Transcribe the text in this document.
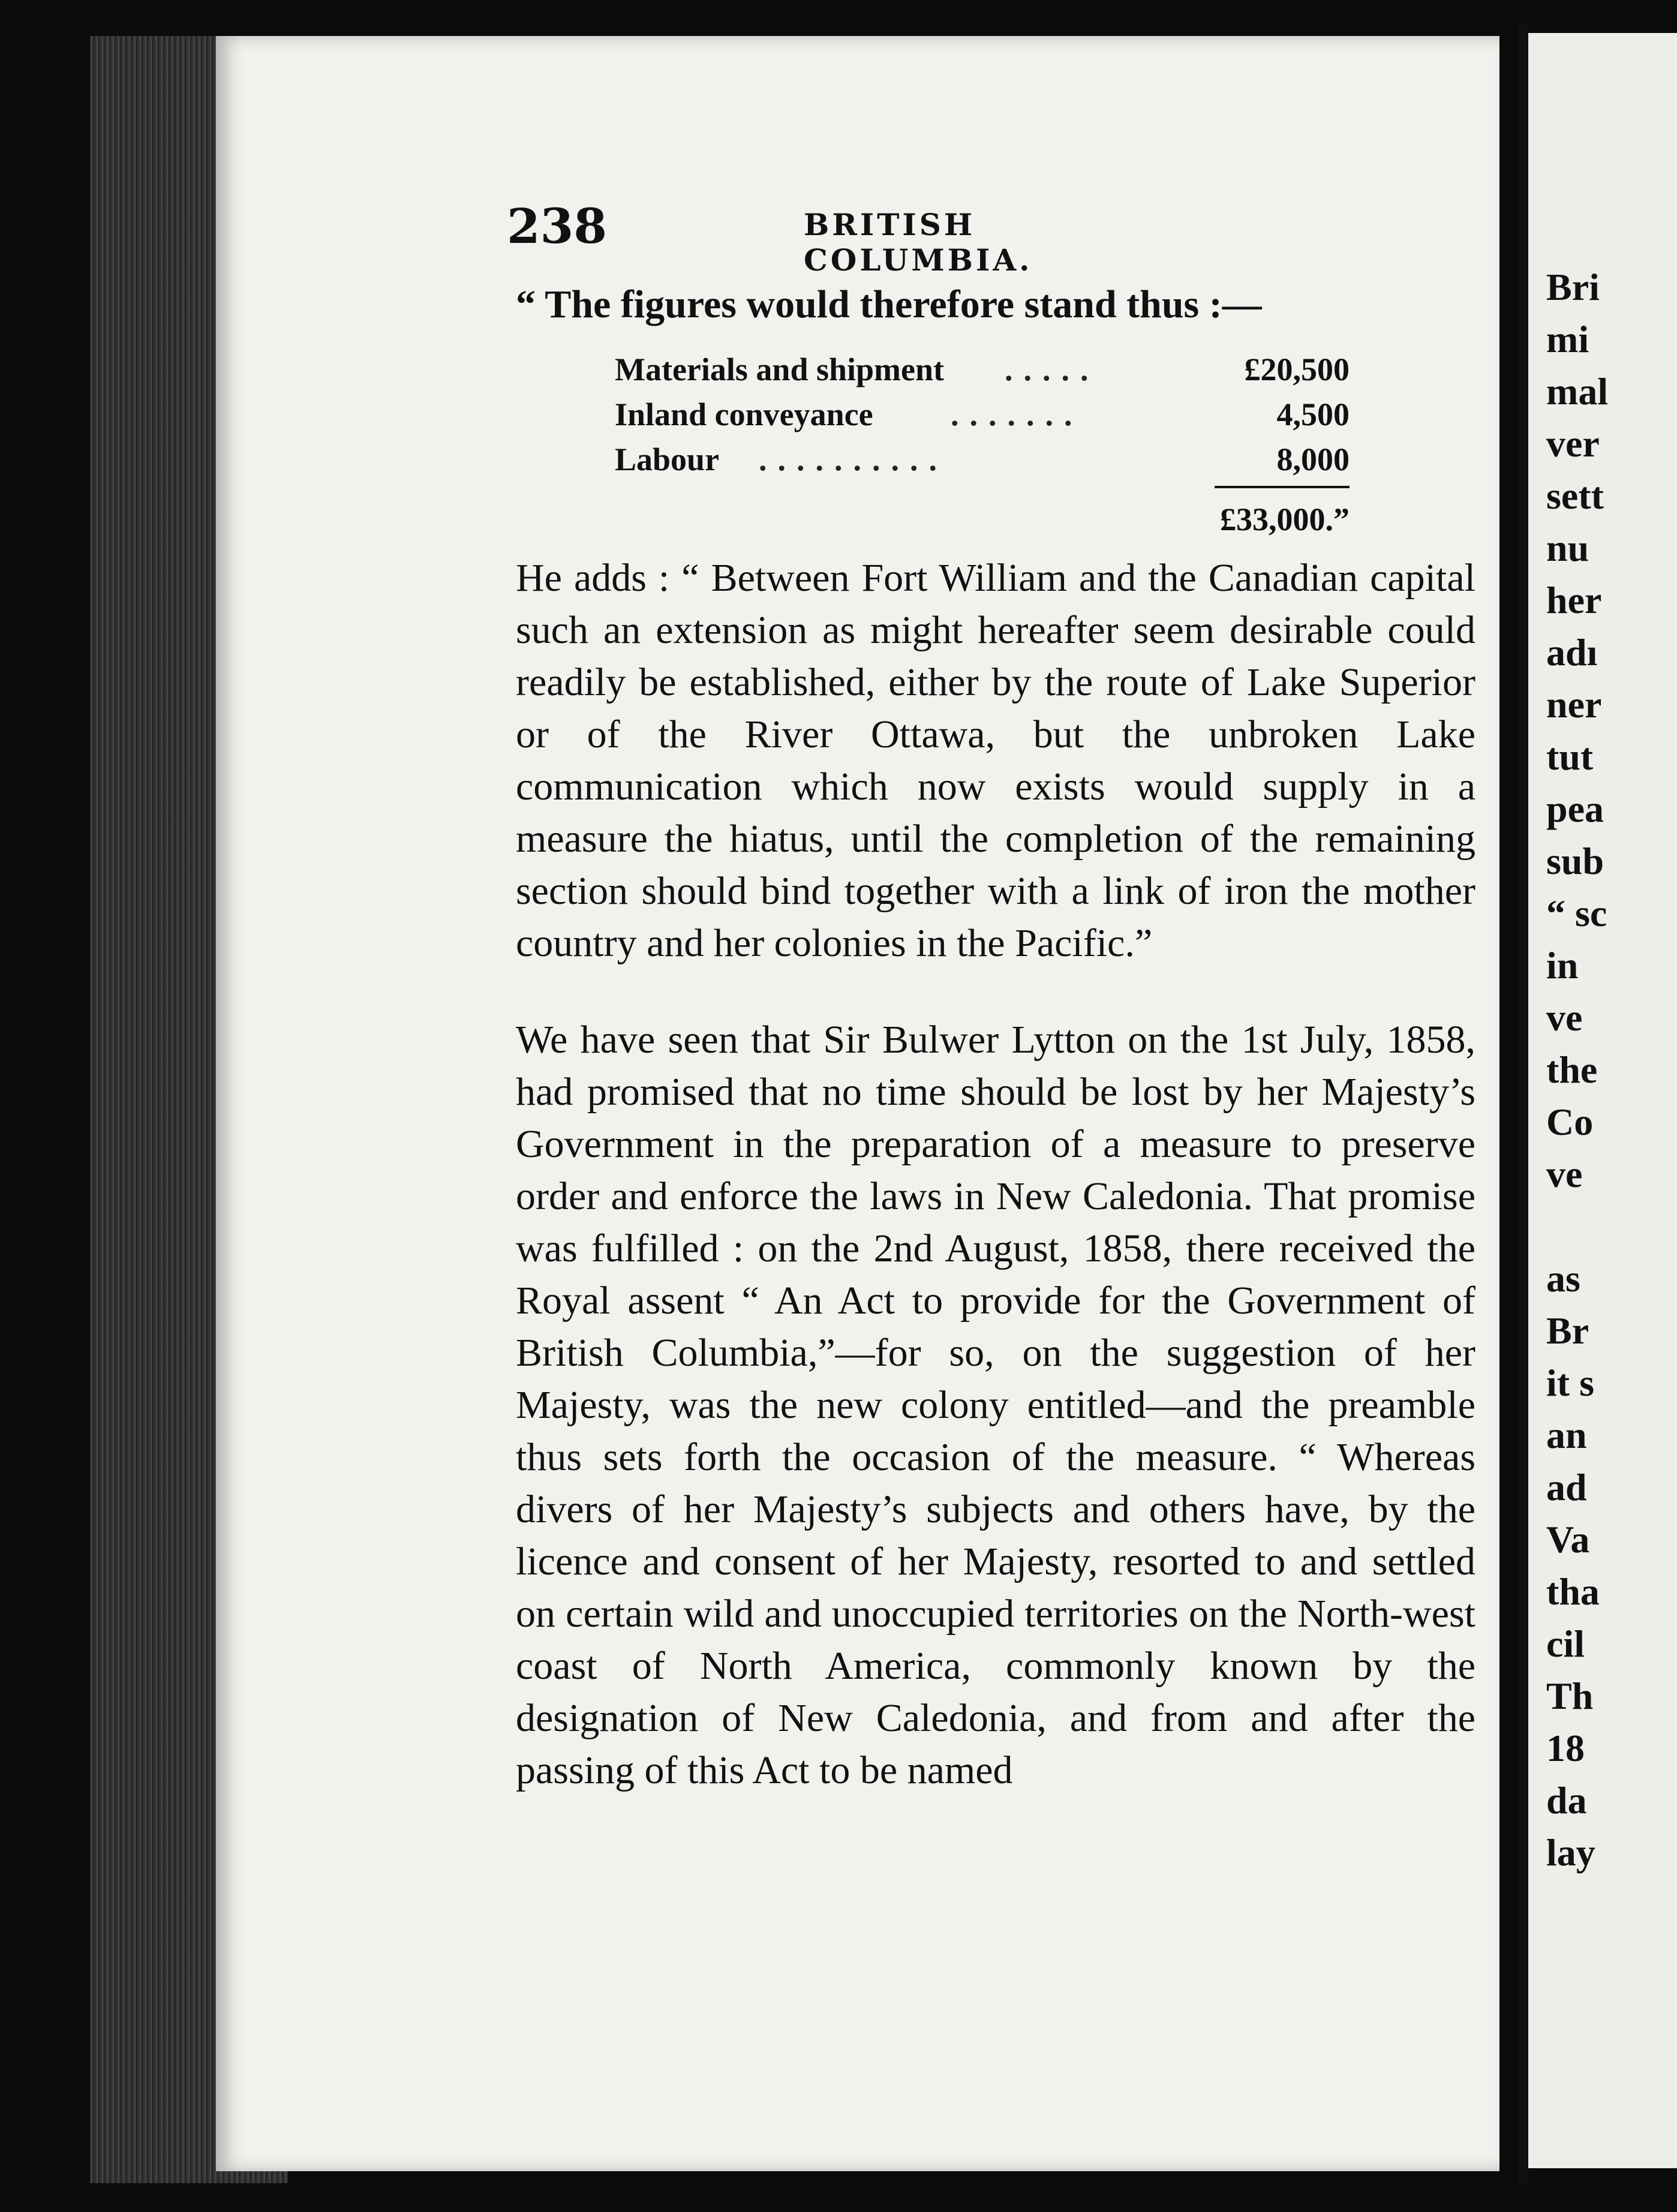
Bri
mi
mal
ver
sett
nu
her
adı
ner
tut
pea
sub
“ sc
in
ve
the
Co
ve
as
Br
it s
an
ad
Va
tha
cil
Th
18
da
lay
238	BRITISH COLUMBIA.
“ The figures would therefore stand thus :—
Materials and shipment .....	£20,500
Inland conveyance .......	4,500
Labour ..........	8,000
£33,000.”
He adds : “ Between Fort William and the Canadian capital such an extension as might hereafter seem desirable could readily be established, either by the route of Lake Superior or of the River Ottawa, but the unbroken Lake communication which now exists would supply in a measure the hiatus, until the completion of the remaining section should bind together with a link of iron the mother country and her colonies in the Pacific.”
We have seen that Sir Bulwer Lytton on the 1st July, 1858, had promised that no time should be lost by her Majesty’s Government in the preparation of a measure to preserve order and enforce the laws in New Caledonia. That promise was fulfilled : on the 2nd August, 1858, there received the Royal assent “ An Act to provide for the Government of British Columbia,”—for so, on the suggestion of her Majesty, was the new colony entitled—and the preamble thus sets forth the occasion of the measure. “ Whereas divers of her Majesty’s subjects and others have, by the licence and consent of her Majesty, resorted to and settled on certain wild and unoccupied territories on the North-west coast of North America, commonly known by the designation of New Caledonia, and from and after the passing of this Act to be named
